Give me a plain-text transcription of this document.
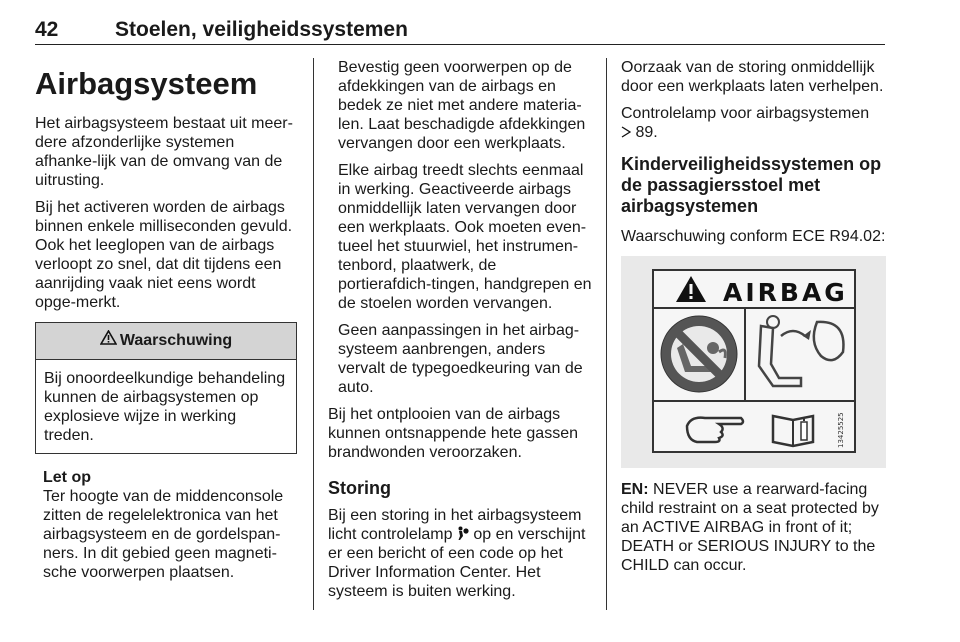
42	Stoelen, veiligheidssystemen
Airbagsysteem

Het airbagsysteem bestaat uit meer-dere afzonderlijke systemen afhanke-lijk van de omvang van de uitrusting.

Bij het activeren worden de airbags binnen enkele milliseconden gevuld. Ook het leeglopen van de airbags verloopt zo snel, dat dit tijdens een aanrijding vaak niet eens wordt opge-merkt.

Waarschuwing
Bij onoordeelkundige behandeling kunnen de airbagsystemen op explosieve wijze in werking treden.
Let op
Ter hoogte van de middenconsole zitten de regelelektronica van het airbagsysteem en de gordelspan-ners. In dit gebied geen magneti-sche voorwerpen plaatsen.

Bevestig geen voorwerpen op de afdekkingen van de airbags en bedek ze niet met andere materia-len. Laat beschadigde afdekkingen vervangen door een werkplaats.

Elke airbag treedt slechts eenmaal in werking. Geactiveerde airbags onmiddellijk laten vervangen door een werkplaats. Ook moeten even-tueel het stuurwiel, het instrumen-tenbord, plaatwerk, de portierafdich-tingen, handgrepen en de stoelen worden vervangen.

Geen aanpassingen in het airbag-systeem aanbrengen, anders vervalt de typegoedkeuring van de auto.

Bij het ontplooien van de airbags kunnen ontsnappende hete gassen brandwonden veroorzaken.

Storing

Bij een storing in het airbagsysteem licht controlelamp op en verschijnt er een bericht of een code op het Driver Information Center. Het systeem is buiten werking.

Oorzaak van de storing onmiddellijk door een werkplaats laten verhelpen.

Controlelamp voor airbagsystemen
89.

Kinderveiligheidssystemen op de passagiersstoel met airbagsystemen

Waarschuwing conform ECE R94.02:

AIRBAG
13425525

EN: NEVER use a rearward-facing child restraint on a seat protected by an ACTIVE AIRBAG in front of it; DEATH or SERIOUS INJURY to the CHILD can occur.
